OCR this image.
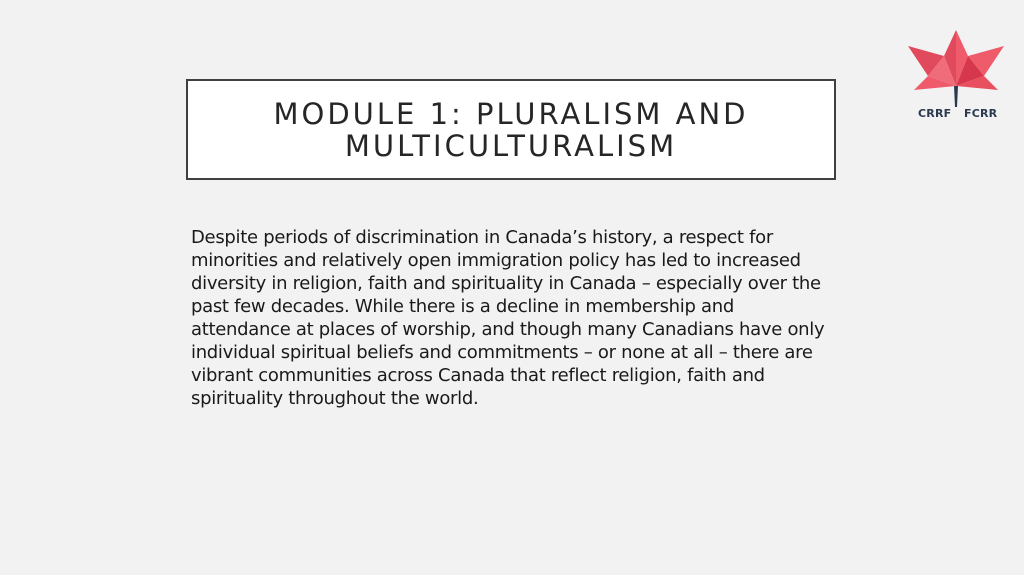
MODULE 1: PLURALISM AND MULTICULTURALISM

Despite periods of discrimination in Canada’s history, a respect for minorities and relatively open immigration policy has led to increased diversity in religion, faith and spirituality in Canada – especially over the past few decades. While there is a decline in membership and attendance at places of worship, and though many Canadians have only individual spiritual beliefs and commitments – or none at all – there are vibrant communities across Canada that reflect religion, faith and spirituality throughout the world.

CRRF FCRR
